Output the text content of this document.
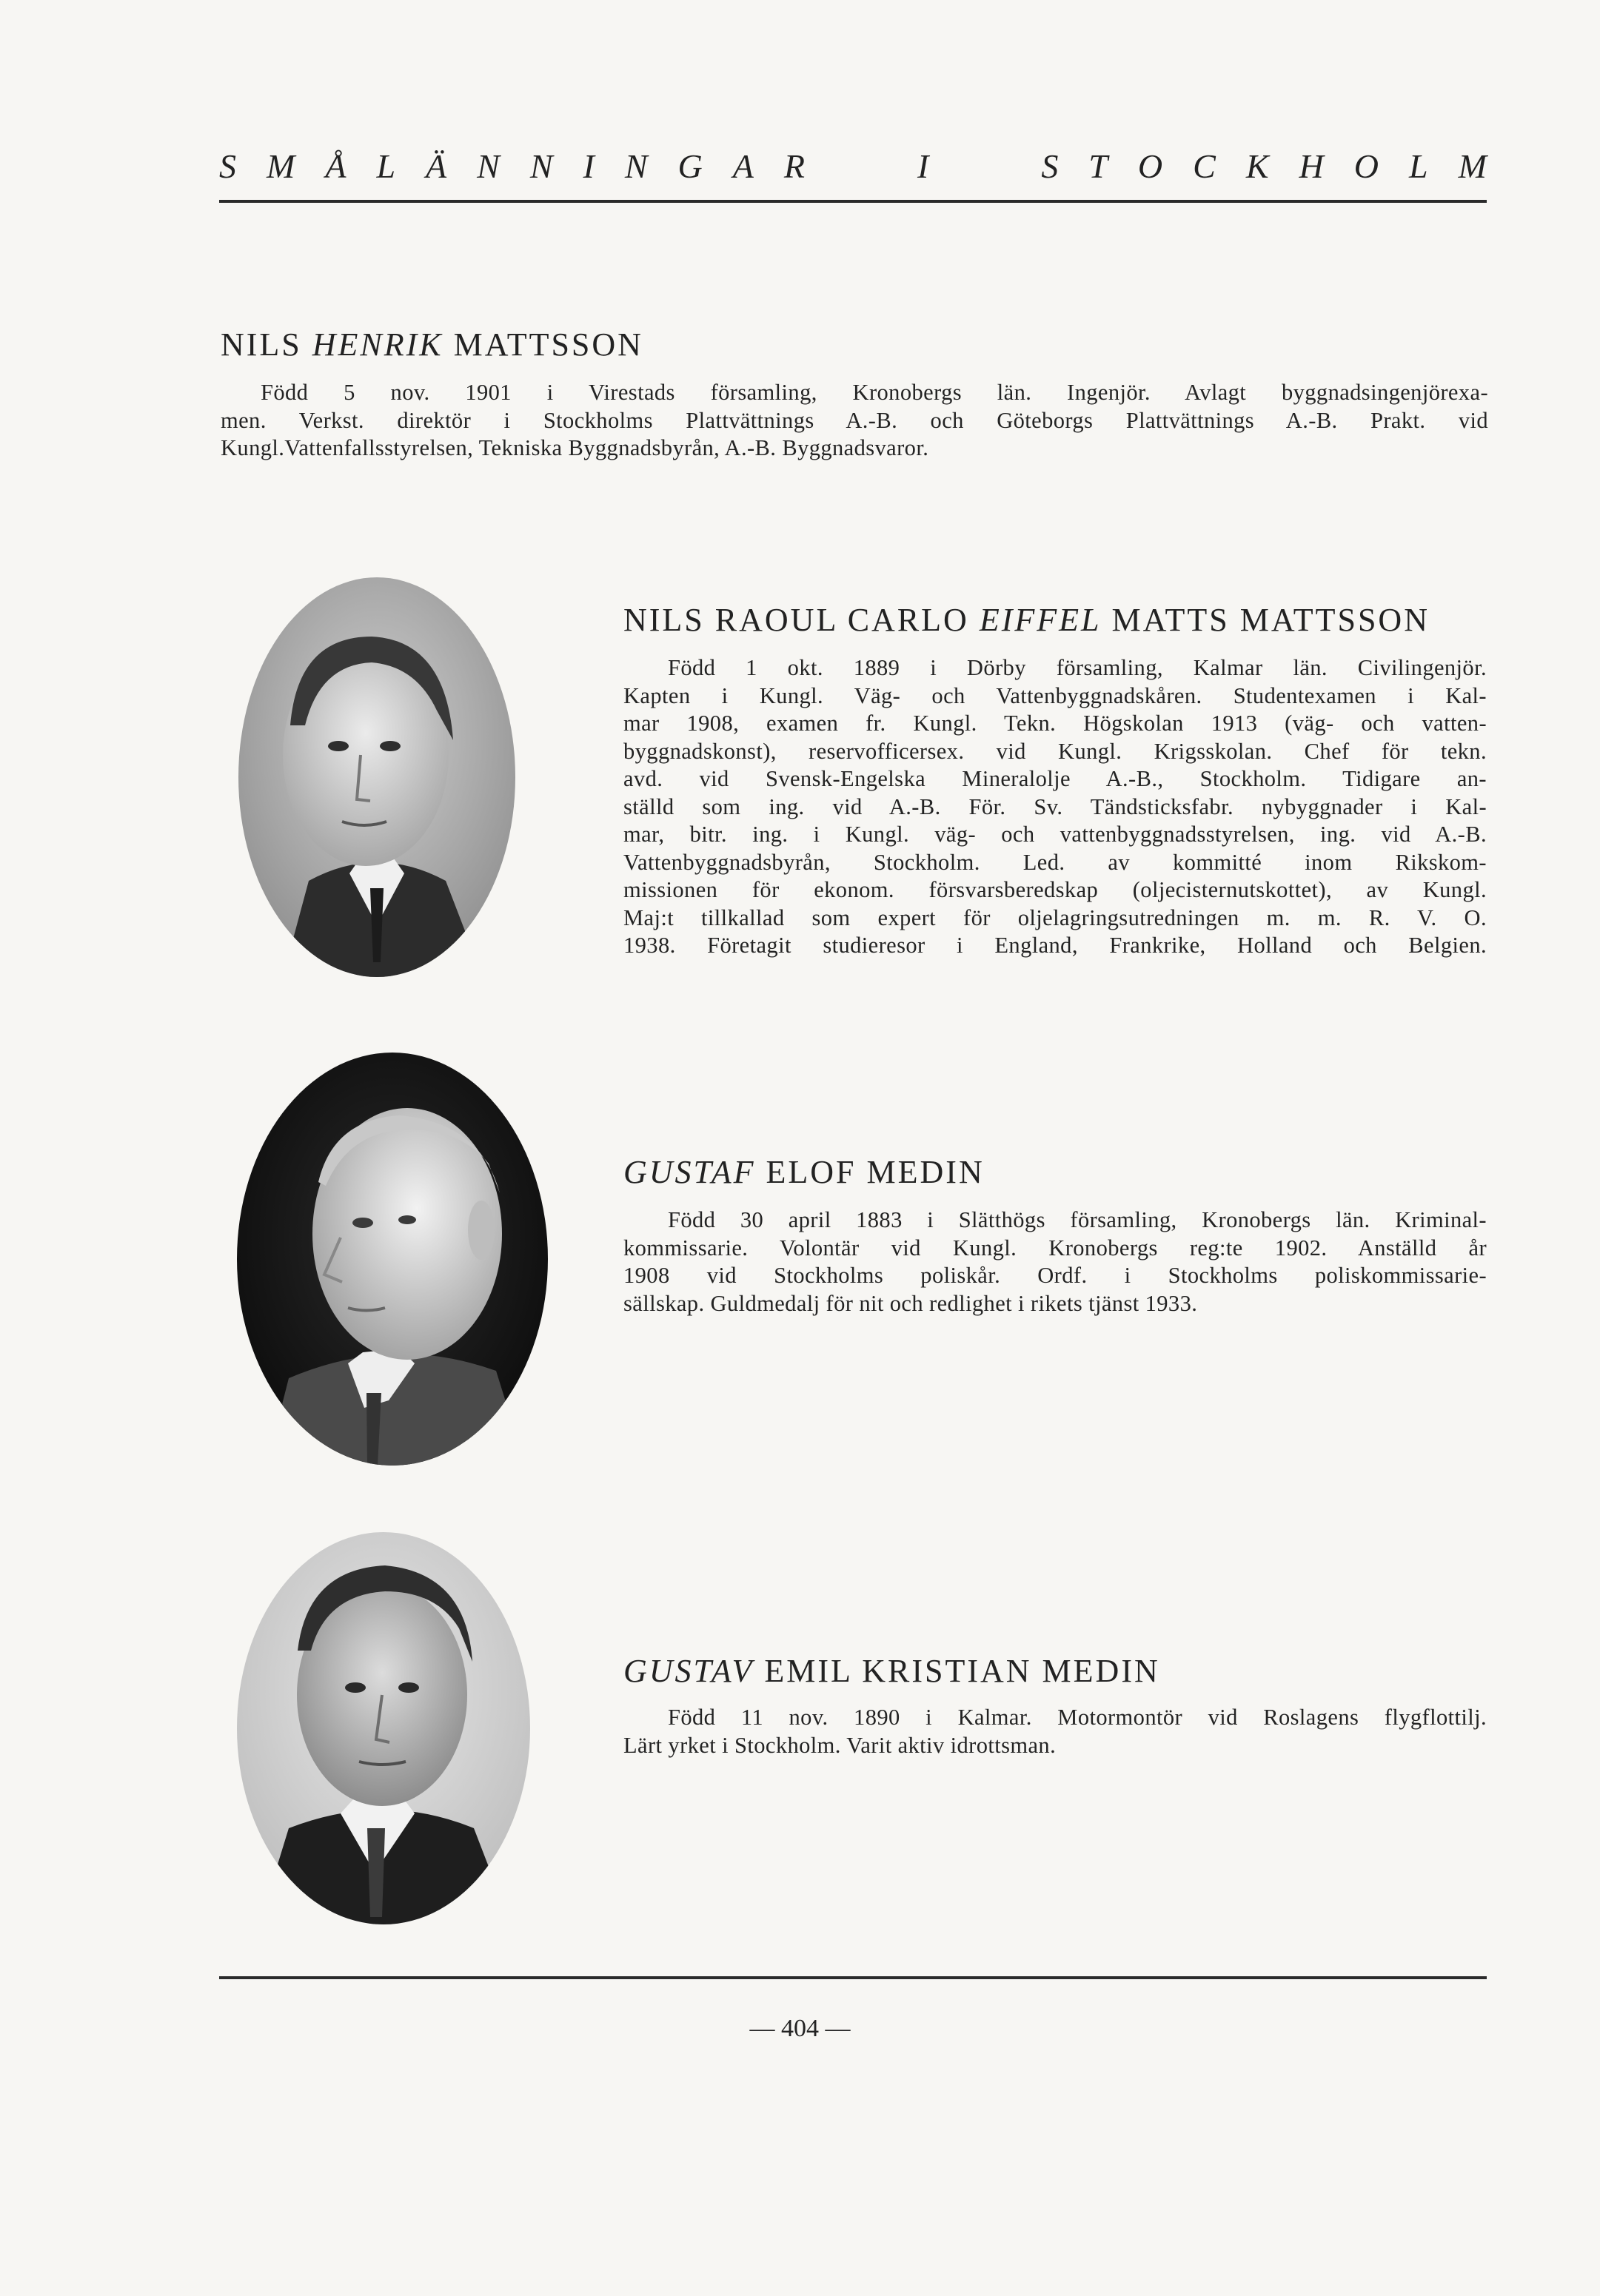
S M Å L Ä N N I N G A R	I	S T O C K H O L M
NILS HENRIK MATTSSON

Född 5 nov. 1901 i Virestads församling, Kronobergs län. Ingenjör. Avlagt byggnadsingenjörexa-

men. Verkst. direktör i Stockholms Plattvättnings A.-B. och Göteborgs Plattvättnings A.-B. Prakt. vid

Kungl.Vattenfallsstyrelsen, Tekniska Byggnadsbyrån, A.-B. Byggnadsvaror.

NILS RAOUL CARLO EIFFEL MATTS MATTSSON

Född 1 okt. 1889 i Dörby församling, Kalmar län. Civilingenjör.

Kapten i Kungl. Väg- och Vattenbyggnadskåren. Studentexamen i Kal-

mar 1908, examen fr. Kungl. Tekn. Högskolan 1913 (väg- och vatten-

byggnadskonst), reservofficersex. vid Kungl. Krigsskolan. Chef för tekn.

avd. vid Svensk-Engelska Mineralolje A.-B., Stockholm. Tidigare an-

ställd som ing. vid A.-B. För. Sv. Tändsticksfabr. nybyggnader i Kal-

mar, bitr. ing. i Kungl. väg- och vattenbyggnadsstyrelsen, ing. vid A.-B.

Vattenbyggnadsbyrån, Stockholm. Led. av kommitté inom Rikskom-

missionen för ekonom. försvarsberedskap (oljecisternutskottet), av Kungl.

Maj:t tillkallad som expert för oljelagringsutredningen m. m. R. V. O.

1938. Företagit studieresor i England, Frankrike, Holland och Belgien.

GUSTAF ELOF MEDIN

Född 30 april 1883 i Slätthögs församling, Kronobergs län. Kriminal-

kommissarie. Volontär vid Kungl. Kronobergs reg:te 1902. Anställd år

1908 vid Stockholms poliskår. Ordf. i Stockholms poliskommissarie-

sällskap. Guldmedalj för nit och redlighet i rikets tjänst 1933.

GUSTAV EMIL KRISTIAN MEDIN

Född 11 nov. 1890 i Kalmar. Motormontör vid Roslagens flygflottilj.

Lärt yrket i Stockholm. Varit aktiv idrottsman.

— 404 —
